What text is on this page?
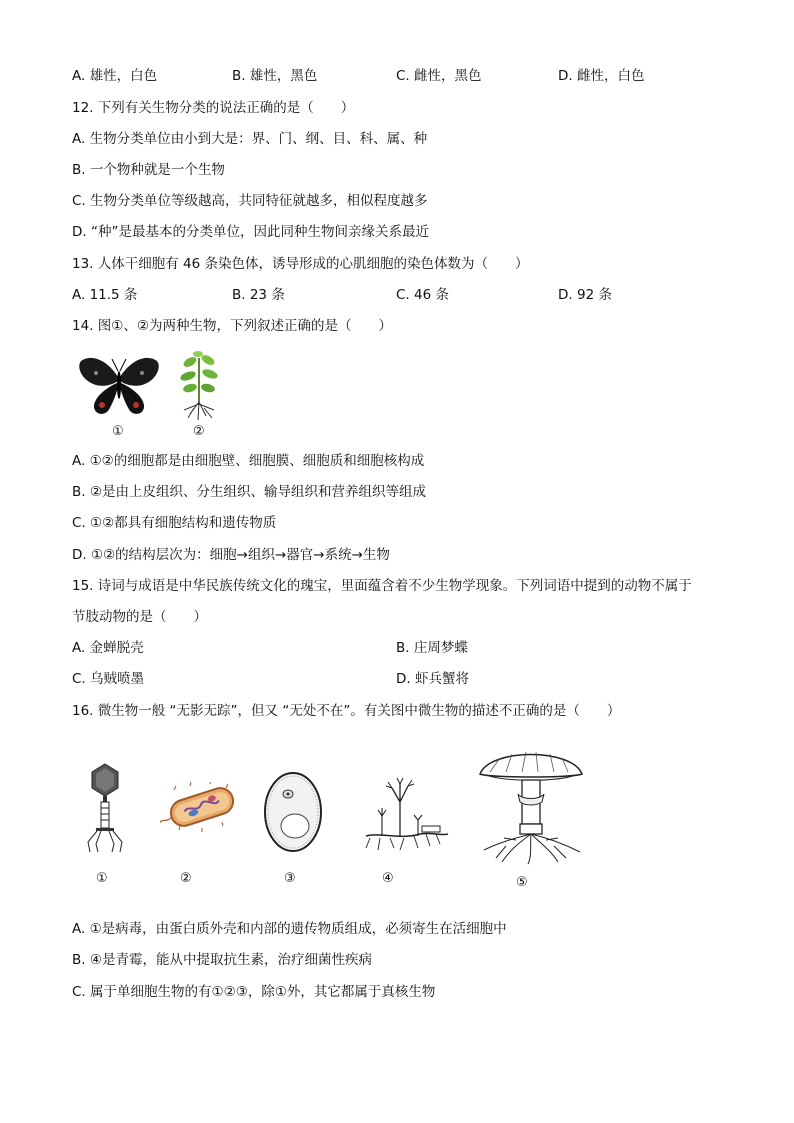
A. 雄性，白色	B. 雄性，黑色	C. 雌性，黑色	D. 雌性，白色
12. 下列有关生物分类的说法正确的是（　　）
A. 生物分类单位由小到大是：界、门、纲、目、科、属、种
B. 一个物种就是一个生物
C. 生物分类单位等级越高，共同特征就越多，相似程度越多
D. “种”是最基本的分类单位，因此同种生物间亲缘关系最近
13. 人体干细胞有 46 条染色体，诱导形成的心肌细胞的染色体数为（　　）
A. 11.5 条	B. 23 条	C. 46 条	D. 92 条
14. 图①、②为两种生物，下列叙述正确的是（　　）
①	②
A. ①②的细胞都是由细胞壁、细胞膜、细胞质和细胞核构成
B. ②是由上皮组织、分生组织、输导组织和营养组织等组成
C. ①②都具有细胞结构和遗传物质
D. ①②的结构层次为：细胞→组织→器官→系统→生物
15. 诗词与成语是中华民族传统文化的瑰宝，里面蕴含着不少生物学现象。下列词语中提到的动物不属于
节肢动物的是（　　）
A. 金蝉脱壳	B. 庄周梦蝶
C. 乌贼喷墨	D. 虾兵蟹将
16. 微生物一般 “无影无踪”，但又 “无处不在”。有关图中微生物的描述不正确的是（　　）
①	②	③	④	⑤
A. ①是病毒，由蛋白质外壳和内部的遗传物质组成，必须寄生在活细胞中
B. ④是青霉，能从中提取抗生素，治疗细菌性疾病
C. 属于单细胞生物的有①②③，除①外，其它都属于真核生物
